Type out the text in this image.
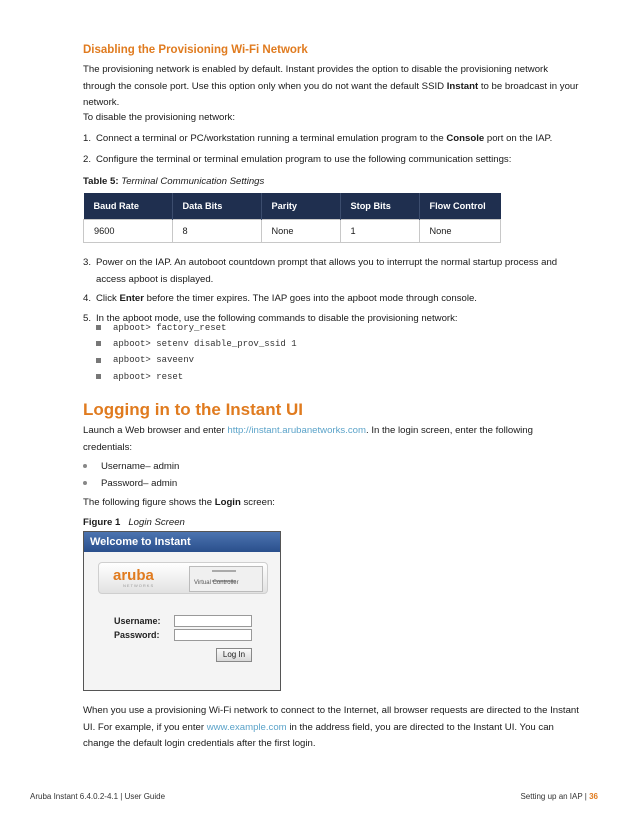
Disabling the Provisioning Wi-Fi Network
The provisioning network is enabled by default. Instant provides the option to disable the provisioning network
through the console port. Use this option only when you do not want the default SSID Instant to be broadcast in your
network.
To disable the provisioning network:
1. Connect a terminal or PC/workstation running a terminal emulation program to the Console port on the IAP.
2. Configure the terminal or terminal emulation program to use the following communication settings:
Table 5: Terminal Communication Settings
Baud Rate	Data Bits	Parity	Stop Bits	Flow Control
9600	8	None	1	None
3. Power on the IAP. An autoboot countdown prompt that allows you to interrupt the normal startup process and
access apboot is displayed.
4. Click Enter before the timer expires. The IAP goes into the apboot mode through console.
5. In the apboot mode, use the following commands to disable the provisioning network:
apboot> factory_reset
apboot> setenv disable_prov_ssid 1
apboot> saveenv
apboot> reset
Logging in to the Instant UI
Launch a Web browser and enter http://instant.arubanetworks.com. In the login screen, enter the following
credentials:
Username– admin
Password– admin
The following figure shows the Login screen:
Figure 1 Login Screen
Welcome to Instant
aruba
NETWORKS	Virtual Controller
Username:
Password:
Log In
When you use a provisioning Wi-Fi network to connect to the Internet, all browser requests are directed to the Instant
UI. For example, if you enter www.example.com in the address field, you are directed to the Instant UI. You can
change the default login credentials after the first login.
Aruba Instant 6.4.0.2-4.1 | User Guide	Setting up an IAP | 36
